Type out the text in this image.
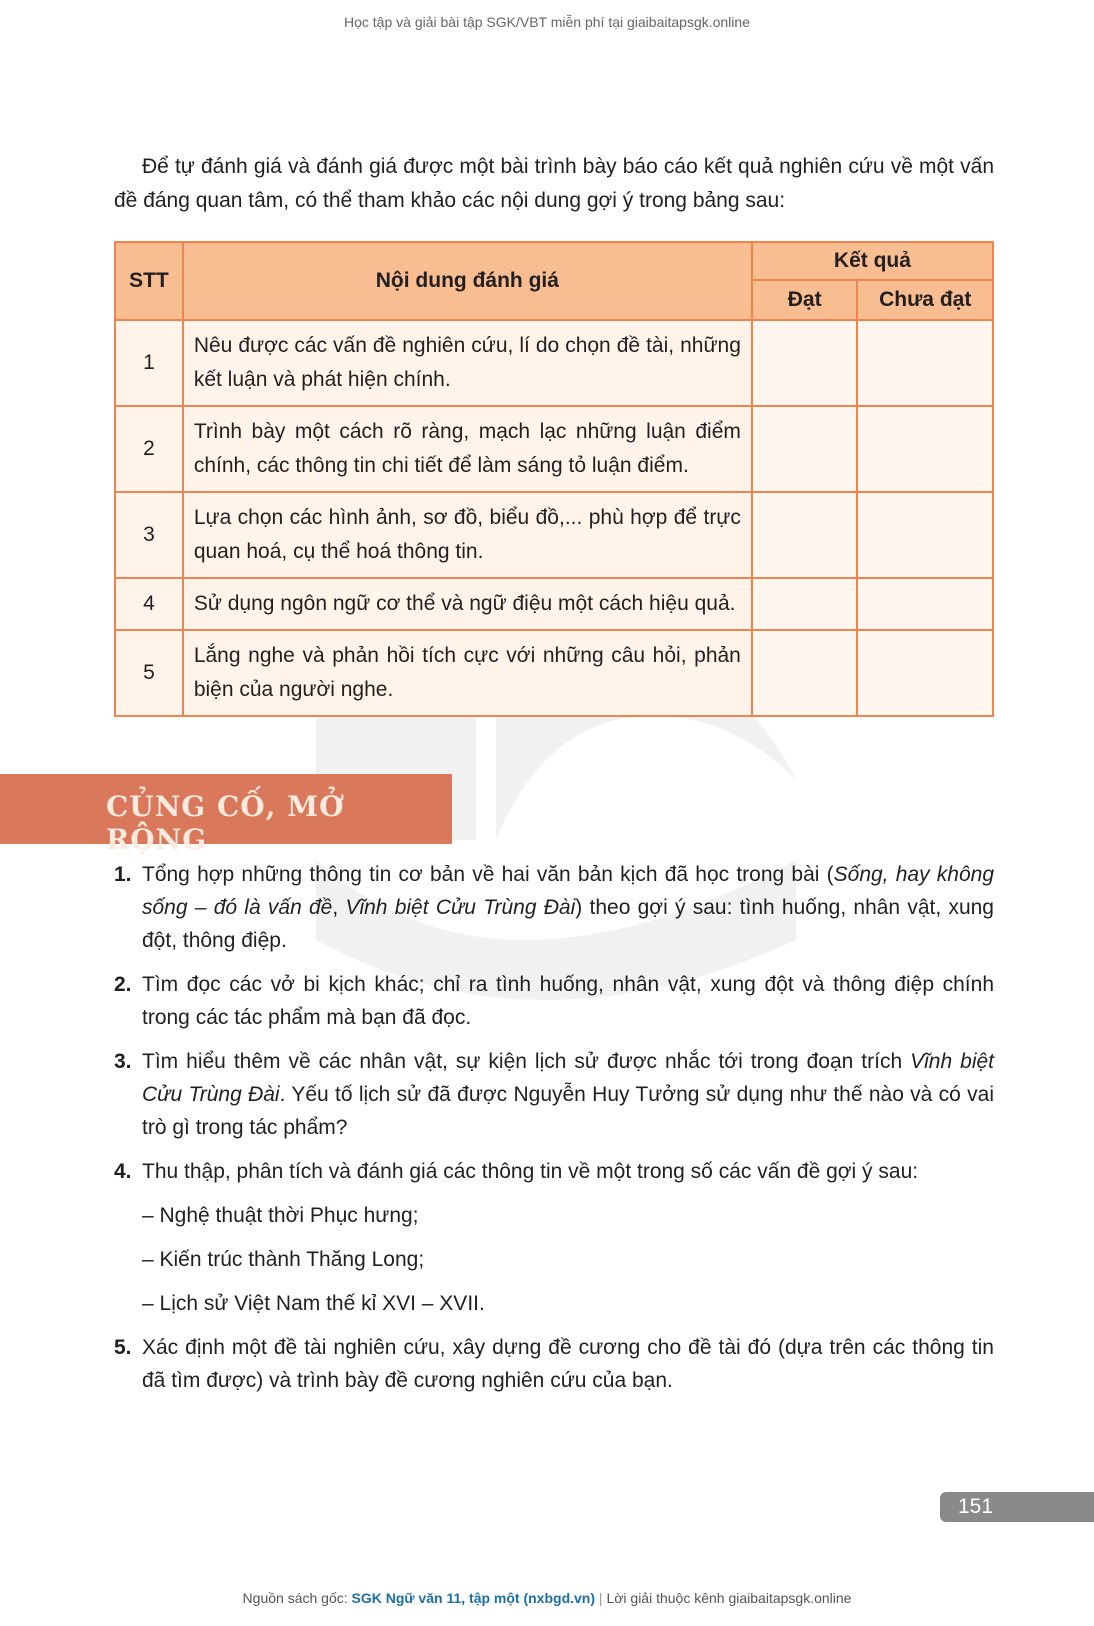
Học tập và giải bài tập SGK/VBT miễn phí tại giaibaitapsgk.online

Để tự đánh giá và đánh giá được một bài trình bày báo cáo kết quả nghiên cứu về một vấn đề đáng quan tâm, có thể tham khảo các nội dung gợi ý trong bảng sau:

STT	Nội dung đánh giá	Kết quả	
		Đạt	Chưa đạt
1	Nêu được các vấn đề nghiên cứu, lí do chọn đề tài, những kết luận và phát hiện chính.		
2	Trình bày một cách rõ ràng, mạch lạc những luận điểm chính, các thông tin chi tiết để làm sáng tỏ luận điểm.		
3	Lựa chọn các hình ảnh, sơ đồ, biểu đồ,... phù hợp để trực quan hoá, cụ thể hoá thông tin.		
4	Sử dụng ngôn ngữ cơ thể và ngữ điệu một cách hiệu quả.		
5	Lắng nghe và phản hồi tích cực với những câu hỏi, phản biện của người nghe.		
CỦNG CỐ, MỞ RỘNG
1. Tổng hợp những thông tin cơ bản về hai văn bản kịch đã học trong bài (Sống, hay không sống – đó là vấn đề, Vĩnh biệt Cửu Trùng Đài) theo gợi ý sau: tình huống, nhân vật, xung đột, thông điệp.
2. Tìm đọc các vở bi kịch khác; chỉ ra tình huống, nhân vật, xung đột và thông điệp chính trong các tác phẩm mà bạn đã đọc.
3. Tìm hiểu thêm về các nhân vật, sự kiện lịch sử được nhắc tới trong đoạn trích Vĩnh biệt Cửu Trùng Đài. Yếu tố lịch sử đã được Nguyễn Huy Tưởng sử dụng như thế nào và có vai trò gì trong tác phẩm?
4. Thu thập, phân tích và đánh giá các thông tin về một trong số các vấn đề gợi ý sau:
– Nghệ thuật thời Phục hưng;
– Kiến trúc thành Thăng Long;
– Lịch sử Việt Nam thế kỉ XVI – XVII.
5. Xác định một đề tài nghiên cứu, xây dựng đề cương cho đề tài đó (dựa trên các thông tin đã tìm được) và trình bày đề cương nghiên cứu của bạn.
151
Nguồn sách gốc: SGK Ngữ văn 11, tập một (nxbgd.vn) | Lời giải thuộc kênh giaibaitapsgk.online
